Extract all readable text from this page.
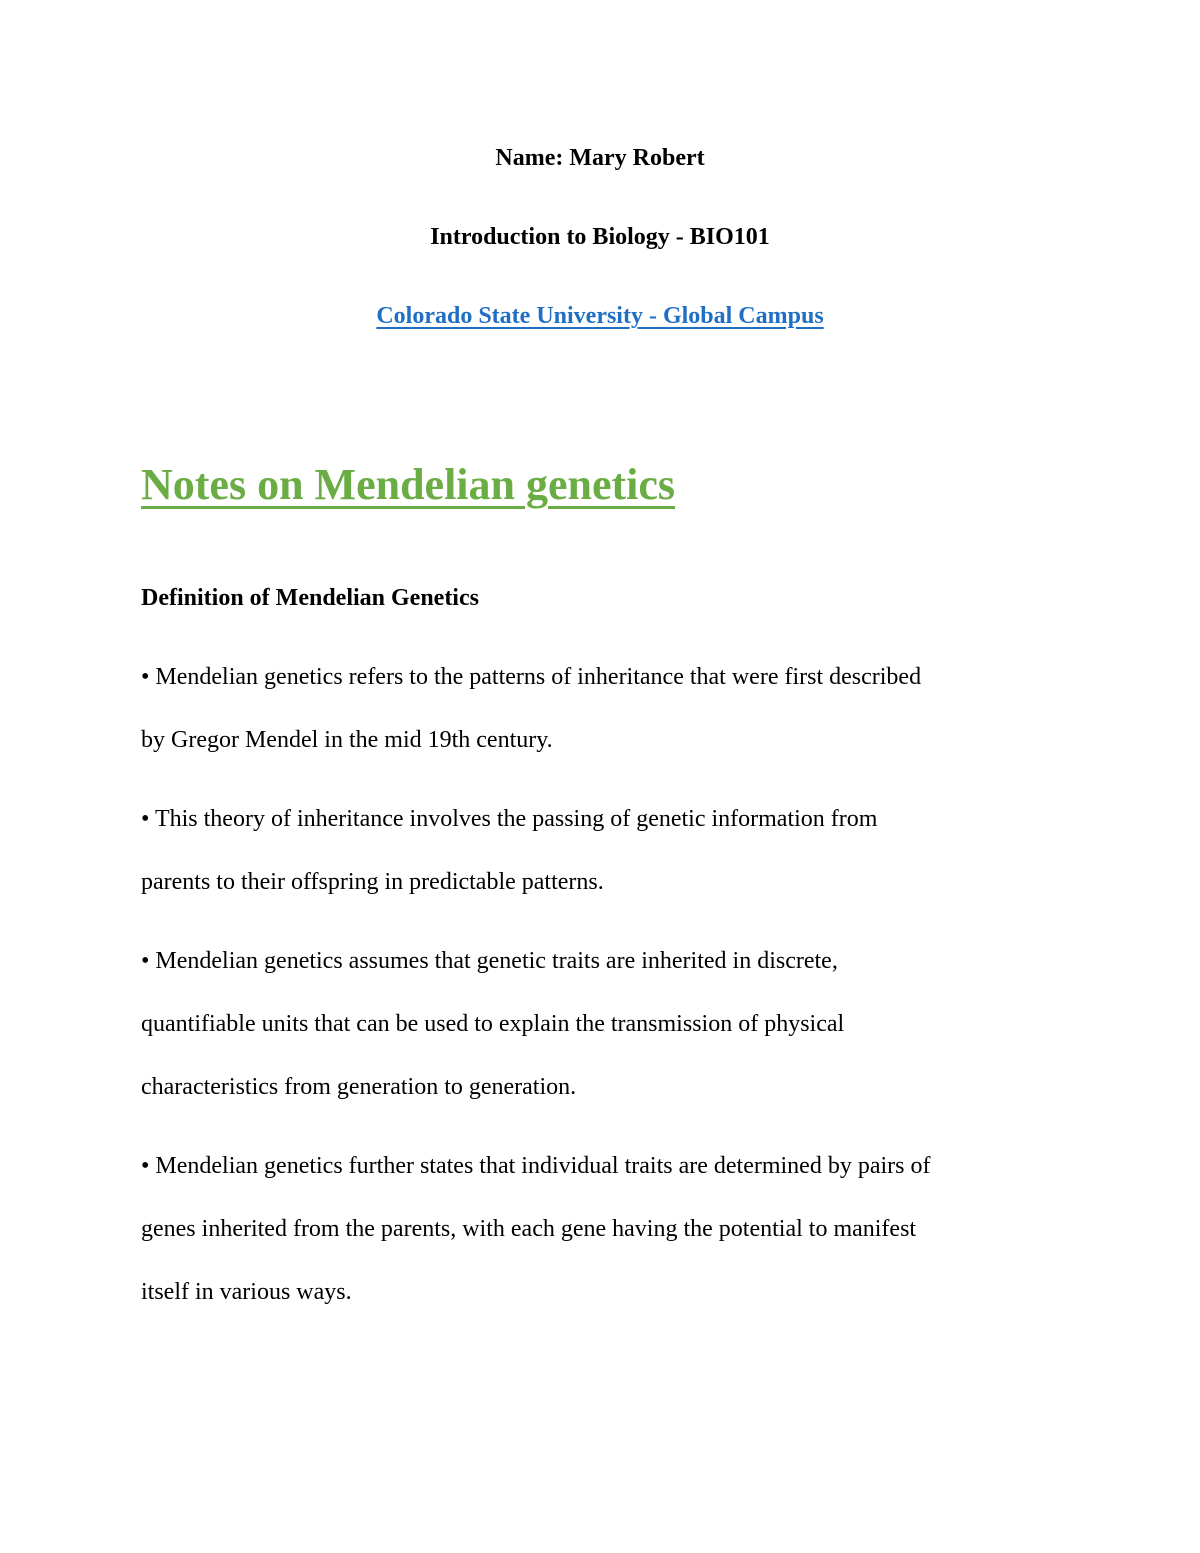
Name: Mary Robert
Introduction to Biology - BIO101
Colorado State University - Global Campus
Notes on Mendelian genetics
Definition of Mendelian Genetics
• Mendelian genetics refers to the patterns of inheritance that were first described
by Gregor Mendel in the mid 19th century.
• This theory of inheritance involves the passing of genetic information from
parents to their offspring in predictable patterns.
• Mendelian genetics assumes that genetic traits are inherited in discrete,
quantifiable units that can be used to explain the transmission of physical
characteristics from generation to generation.
• Mendelian genetics further states that individual traits are determined by pairs of
genes inherited from the parents, with each gene having the potential to manifest
itself in various ways.
